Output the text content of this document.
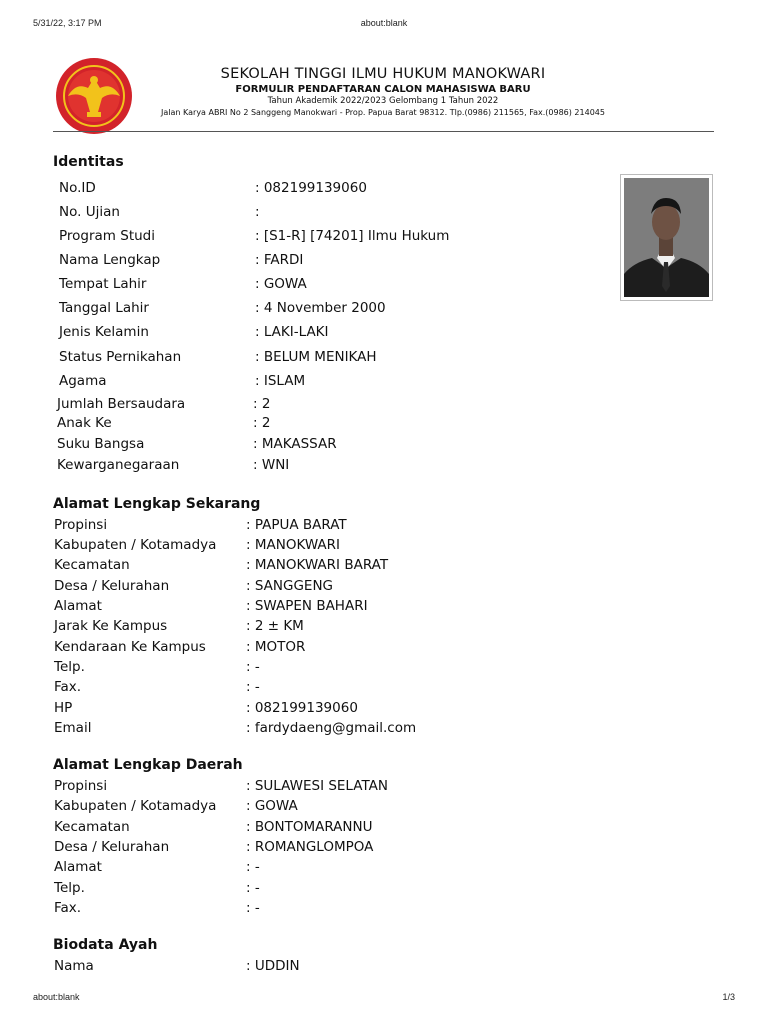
5/31/22, 3:17 PM	about:blank
SEKOLAH TINGGI ILMU HUKUM MANOKWARI
FORMULIR PENDAFTARAN CALON MAHASISWA BARU
Tahun Akademik 2022/2023 Gelombang 1 Tahun 2022
Jalan Karya ABRI No 2 Sanggeng Manokwari - Prop. Papua Barat 98312. Tlp.(0986) 211565, Fax.(0986) 214045
Identitas
No.ID	: 082199139060
No. Ujian	:
Program Studi	: [S1-R] [74201] Ilmu Hukum
Nama Lengkap	: FARDI
Tempat Lahir	: GOWA
Tanggal Lahir	: 4 November 2000
Jenis Kelamin	: LAKI-LAKI
Status Pernikahan	: BELUM MENIKAH
Agama	: ISLAM
Jumlah Bersaudara	: 2
Anak Ke	: 2
Suku Bangsa	: MAKASSAR
Kewarganegaraan	: WNI
Alamat Lengkap Sekarang
Propinsi	: PAPUA BARAT
Kabupaten / Kotamadya : MANOKWARI
Kecamatan	: MANOKWARI BARAT
Desa / Kelurahan	: SANGGENG
Alamat	: SWAPEN BAHARI
Jarak Ke Kampus	: 2 ± KM
Kendaraan Ke Kampus	: MOTOR
Telp.	: -
Fax.	: -
HP	: 082199139060
Email	: fardydaeng@gmail.com
Alamat Lengkap Daerah
Propinsi	: SULAWESI SELATAN
Kabupaten / Kotamadya : GOWA
Kecamatan	: BONTOMARANNU
Desa / Kelurahan	: ROMANGLOMPOA
Alamat	: -
Telp.	: -
Fax.	: -
Biodata Ayah
Nama	: UDDIN
about:blank	1/3
